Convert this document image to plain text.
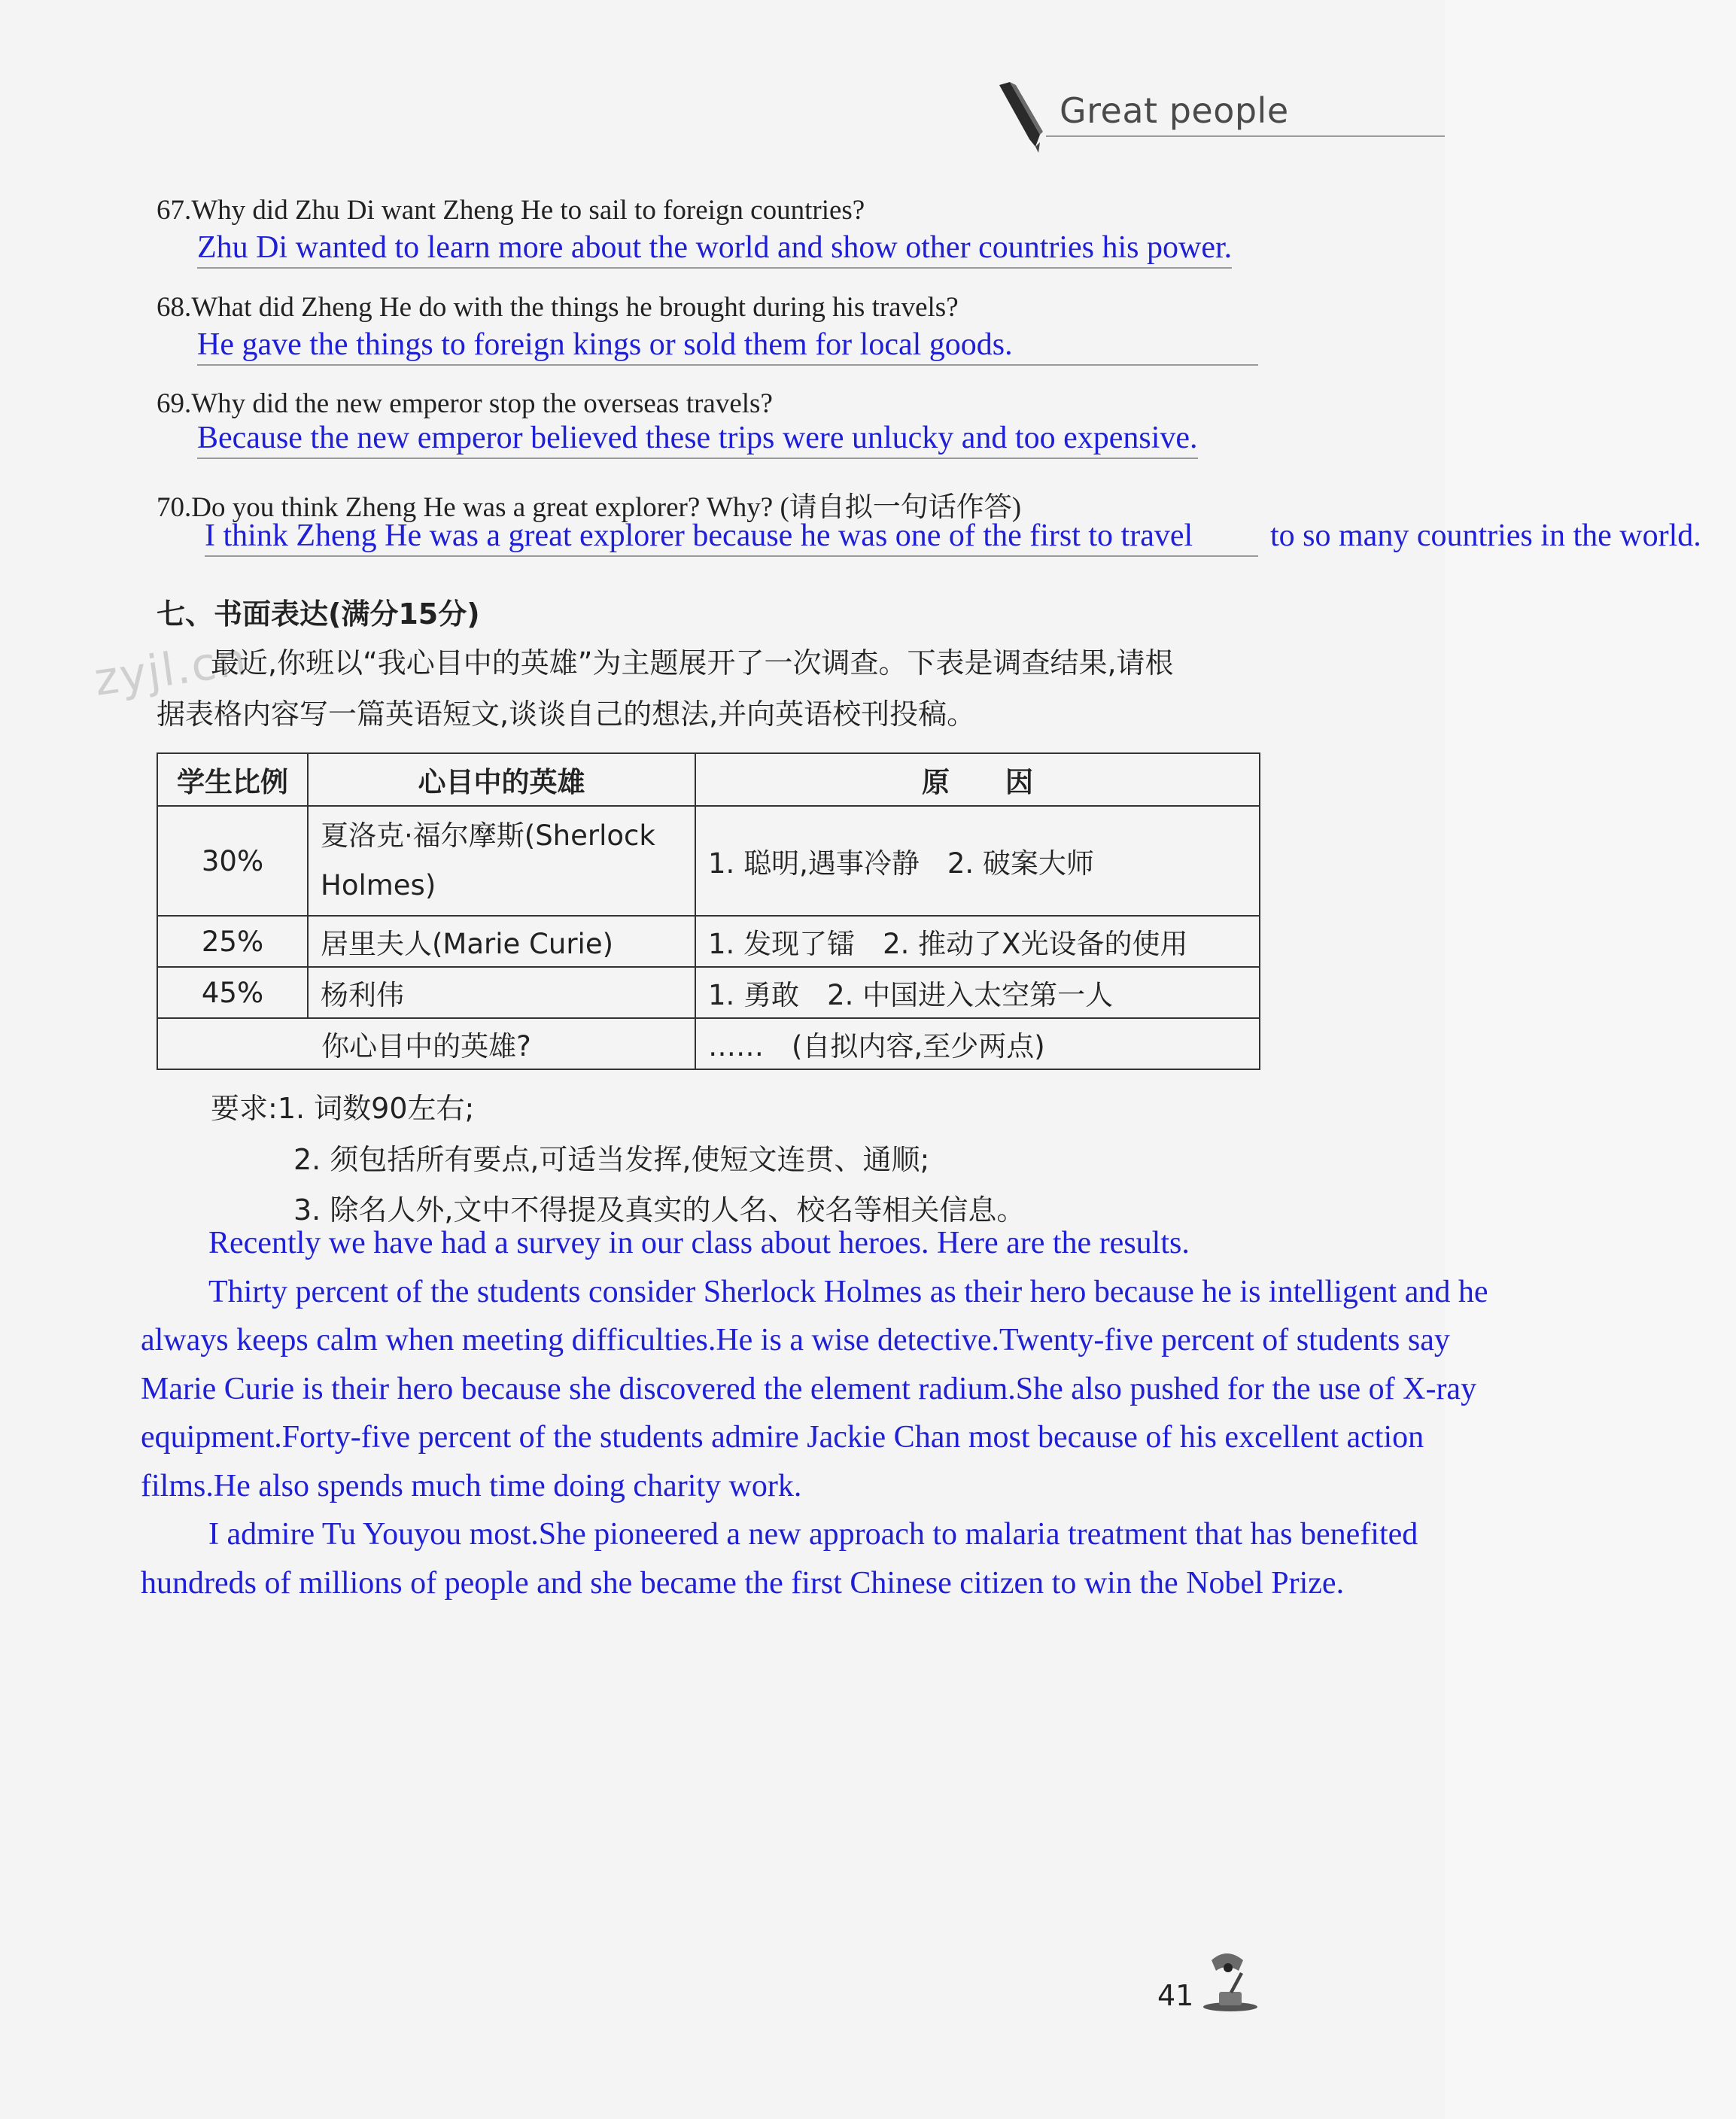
Great people
67.Why did Zhu Di want Zheng He to sail to foreign countries?
Zhu Di wanted to learn more about the world and show other countries his power.
68.What did Zheng He do with the things he brought during his travels?
He gave the things to foreign kings or sold them for local goods.
69.Why did the new emperor stop the overseas travels?
Because the new emperor believed these trips were unlucky and too expensive.
70.Do you think Zheng He was a great explorer? Why? (请自拟一句话作答)
I think Zheng He was a great explorer because he was one of the first to travel	to so many countries in the world.
七、书面表达(满分15分)
zyjl.cn
最近,你班以“我心目中的英雄”为主题展开了一次调查。下表是调查结果,请根
据表格内容写一篇英语短文,谈谈自己的想法,并向英语校刊投稿。
学生比例	心目中的英雄	原　　因
30%	夏洛克·福尔摩斯(Sherlock Holmes)	1. 聪明,遇事冷静　2. 破案大师
25%	居里夫人(Marie Curie)	1. 发现了镭　2. 推动了X光设备的使用
45%	杨利伟	1. 勇敢　2. 中国进入太空第一人
你心目中的英雄?		……　(自拟内容,至少两点)
要求:1. 词数90左右;
2. 须包括所有要点,可适当发挥,使短文连贯、通顺;
3. 除名人外,文中不得提及真实的人名、校名等相关信息。

Recently we have had a survey in our class about heroes. Here are the results.

Thirty percent of the students consider Sherlock Holmes as their hero because he is intelligent and he always keeps calm when meeting difficulties.He is a wise detective.Twenty-five percent of students say Marie Curie is their hero because she discovered the element radium.She also pushed for the use of X-ray equipment.Forty-five percent of the students admire Jackie Chan most because of his excellent action films.He also spends much time doing charity work.

I admire Tu Youyou most.She pioneered a new approach to malaria treatment that has benefited hundreds of millions of people and she became the first Chinese citizen to win the Nobel Prize.

41
